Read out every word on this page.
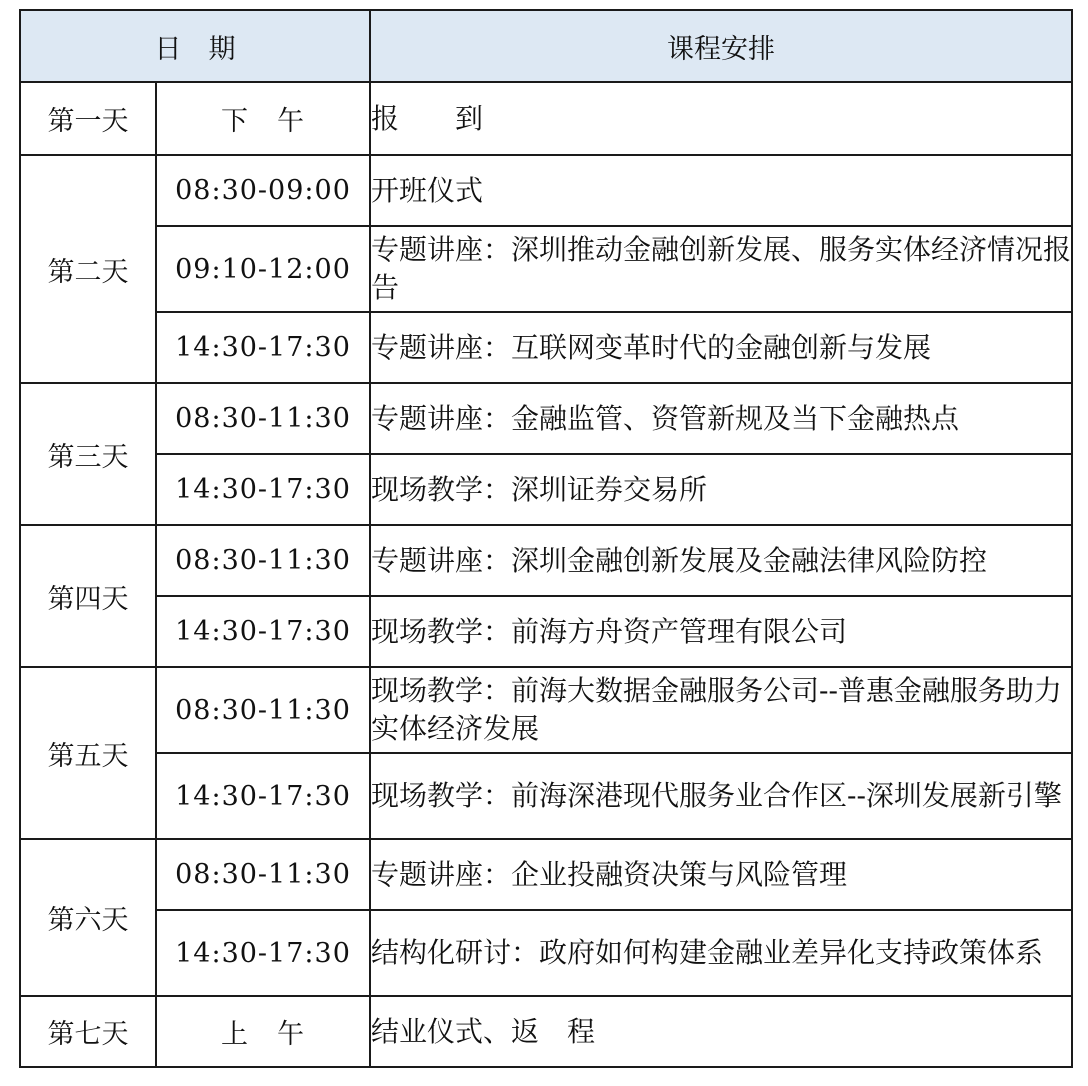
日　期		课程安排
第一天	下　午	报　　到
第二天	08:30-09:00	开班仪式
	09:10-12:00	专题讲座：深圳推动金融创新发展、服务实体经济情况报告
	14:30-17:30	专题讲座：互联网变革时代的金融创新与发展
第三天	08:30-11:30	专题讲座：金融监管、资管新规及当下金融热点
	14:30-17:30	现场教学：深圳证券交易所
第四天	08:30-11:30	专题讲座：深圳金融创新发展及金融法律风险防控
	14:30-17:30	现场教学：前海方舟资产管理有限公司
第五天	08:30-11:30	现场教学：前海大数据金融服务公司--普惠金融服务助力实体经济发展
	14:30-17:30	现场教学：前海深港现代服务业合作区--深圳发展新引擎
第六天	08:30-11:30	专题讲座：企业投融资决策与风险管理
	14:30-17:30	结构化研讨：政府如何构建金融业差异化支持政策体系
第七天	上　午	结业仪式、返　程
